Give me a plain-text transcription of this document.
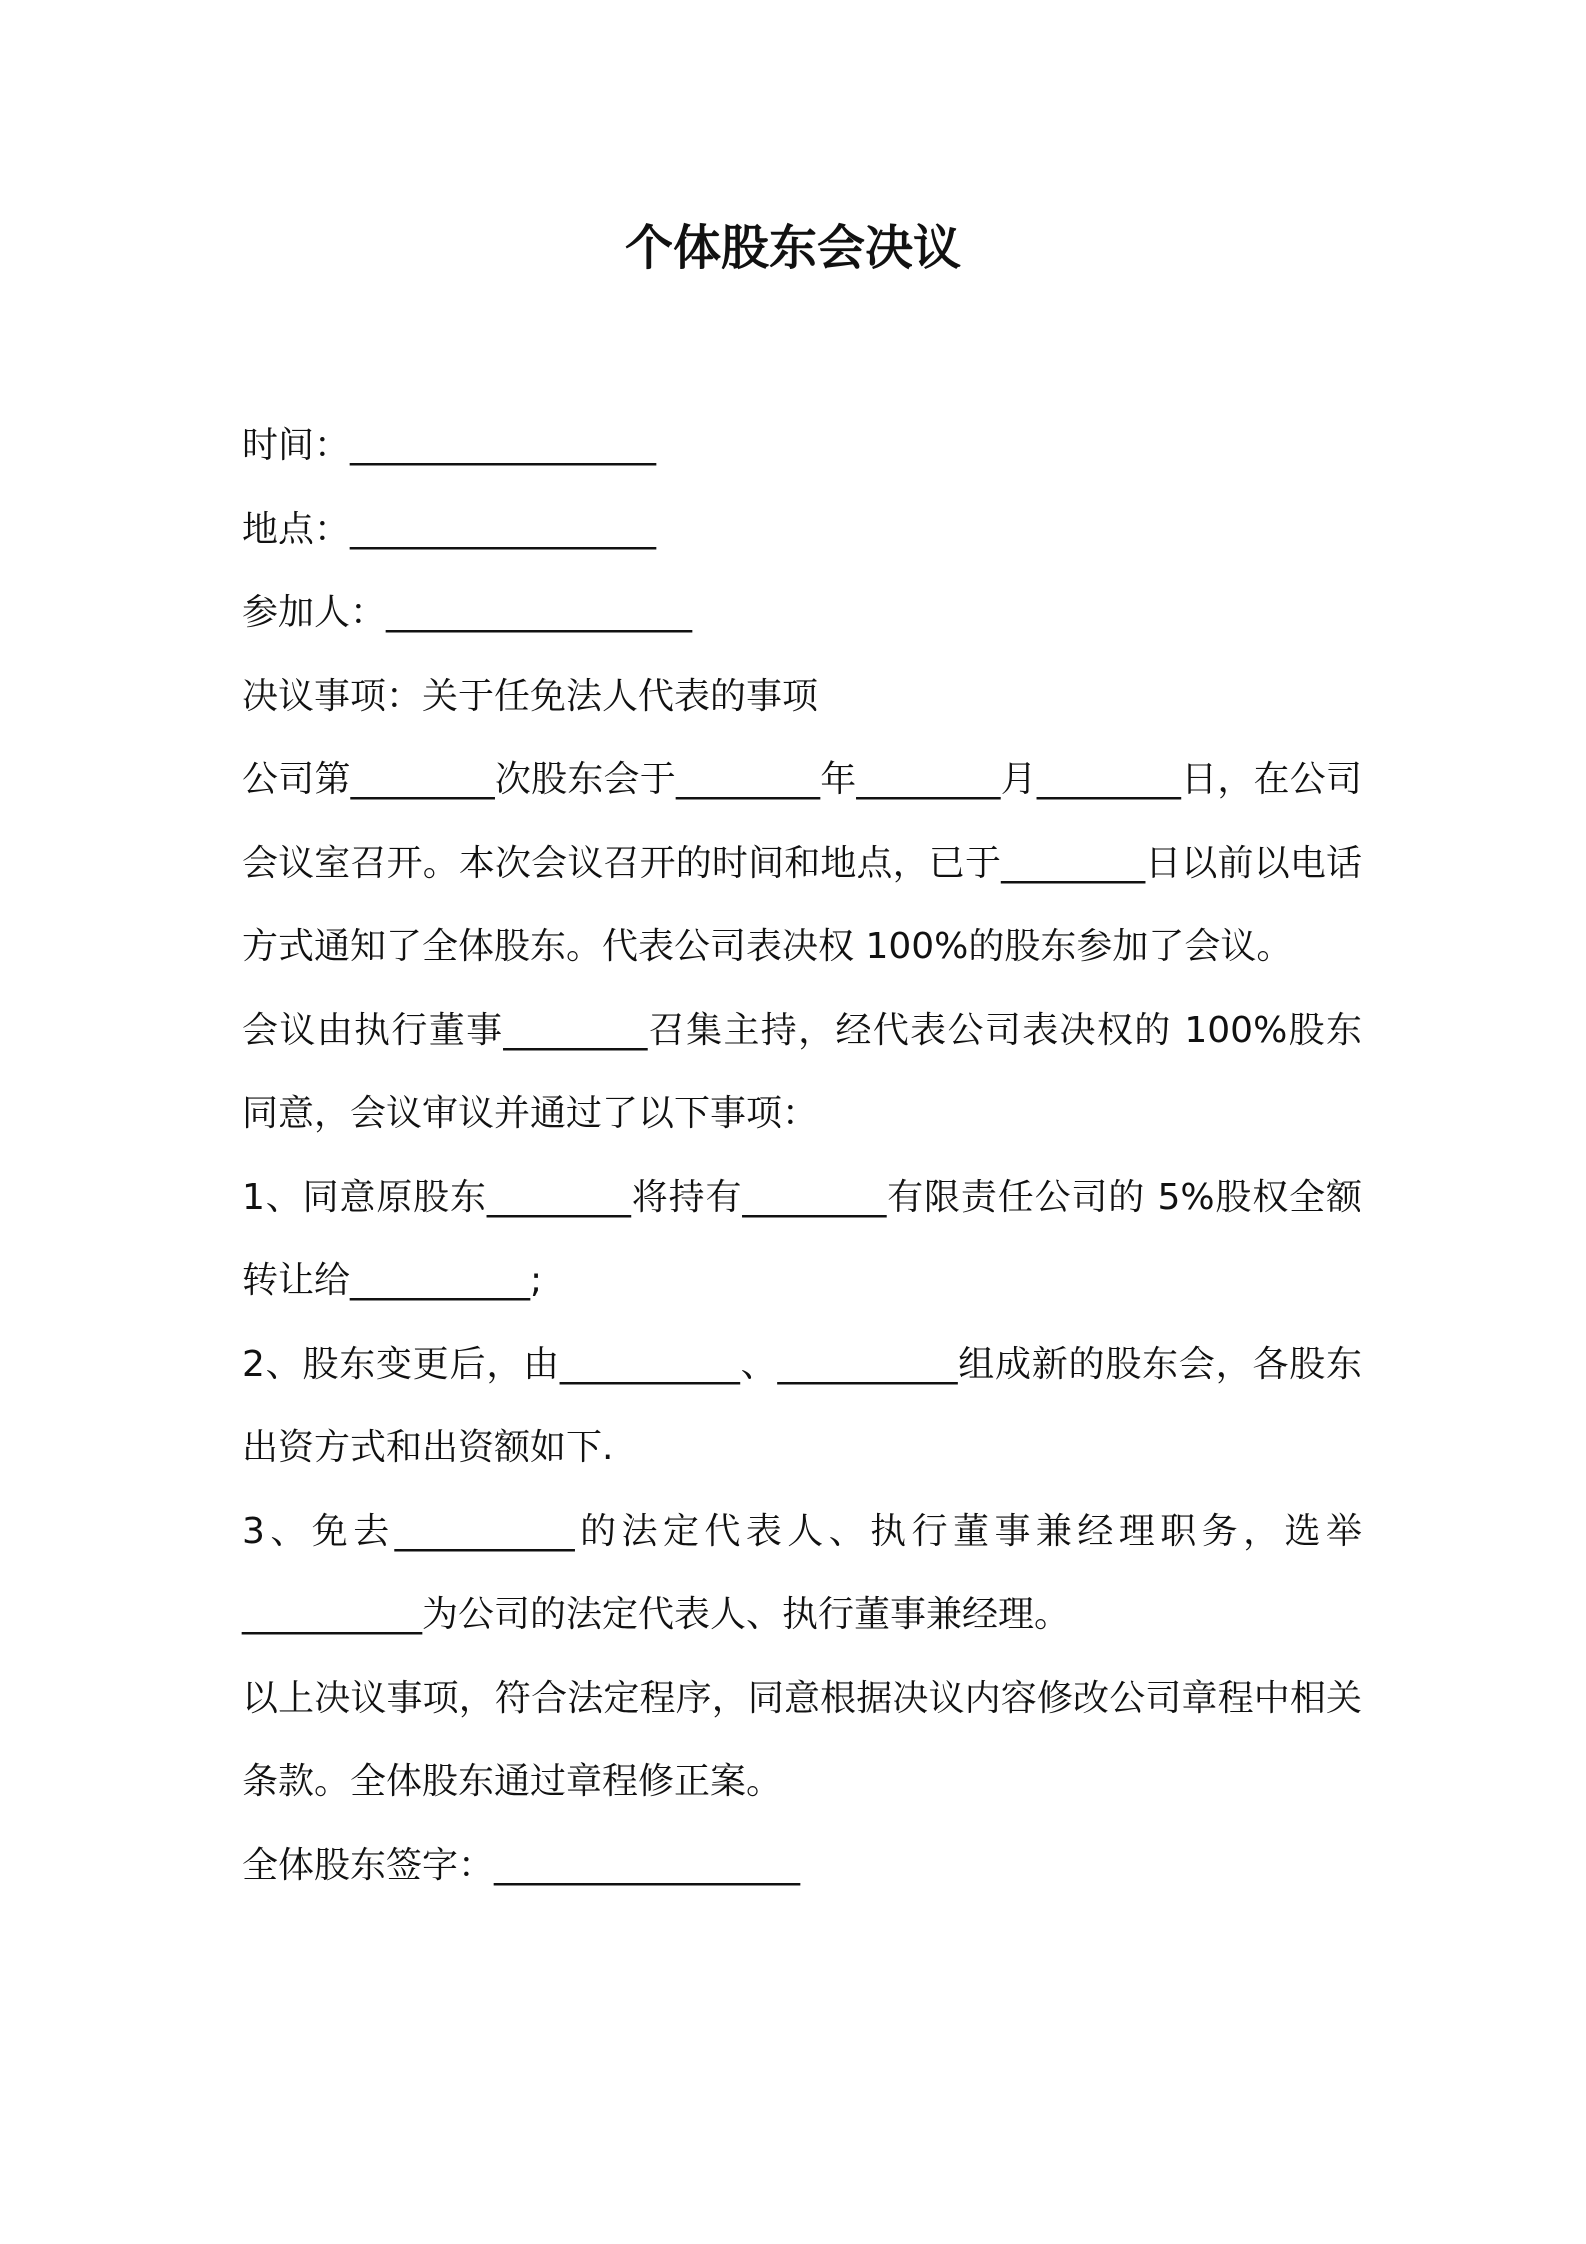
个体股东会决议

时间：_________________

地点：_________________

参加人：_________________

决议事项：关于任免法人代表的事项

公司第________次股东会于________年________月________日，在公司会议室召开。本次会议召开的时间和地点，已于________日以前以电话方式通知了全体股东。代表公司表决权 100%的股东参加了会议。

会议由执行董事________召集主持，经代表公司表决权的 100%股东同意，会议审议并通过了以下事项：

1、同意原股东________将持有________有限责任公司的 5%股权全额转让给__________;

2、股东变更后，由__________、__________组成新的股东会，各股东出资方式和出资额如下.

3、免去__________的法定代表人、执行董事兼经理职务，选举__________为公司的法定代表人、执行董事兼经理。

以上决议事项，符合法定程序，同意根据决议内容修改公司章程中相关条款。全体股东通过章程修正案。

全体股东签字：_________________
